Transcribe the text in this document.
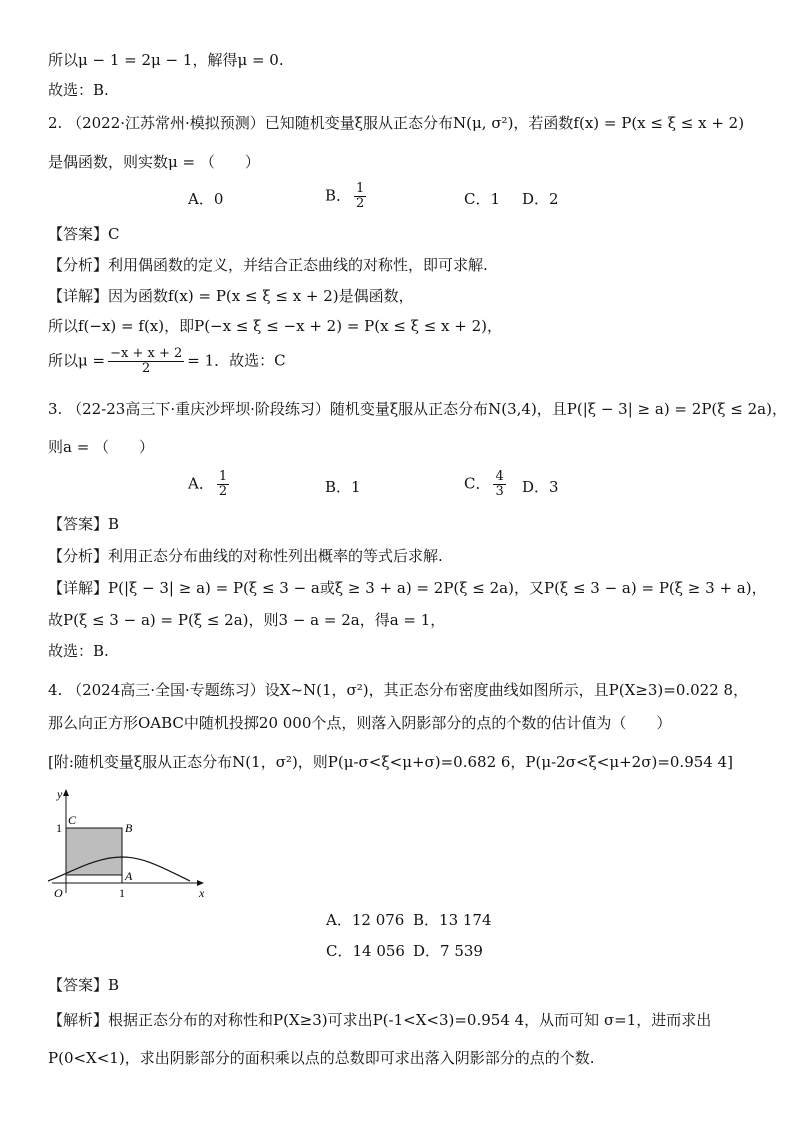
所以μ − 1 = 2μ − 1，解得μ = 0.
故选：B.
2. （2022·江苏常州·模拟预测）已知随机变量ξ服从正态分布N(μ, σ²)，若函数f(x) = P(x ≤ ξ ≤ x + 2)
是偶函数，则实数μ = （　　）
A．0	B． $\frac{1}{2}$	C．1 D．2
【答案】C
【分析】利用偶函数的定义，并结合正态曲线的对称性，即可求解.
【详解】因为函数f(x) = P(x ≤ ξ ≤ x + 2)是偶函数，
所以f(−x) = f(x)，即P(−x ≤ ξ ≤ −x + 2) = P(x ≤ ξ ≤ x + 2)，
所以$\mu = \frac{-x + x + 2}{2} = 1$．故选：C
3. （22-23高三下·重庆沙坪坝·阶段练习）随机变量ξ服从正态分布N(3,4)，且P(|ξ − 3| ≥ a) = 2P(ξ ≤ 2a)，
则a = （　　）
A． $\frac{1}{2}$	B．1	C． $\frac{4}{3}$ D．3
【答案】B
【分析】利用正态分布曲线的对称性列出概率的等式后求解.
【详解】P(|ξ − 3| ≥ a) = P(ξ ≤ 3 − a或ξ ≥ 3 + a) = 2P(ξ ≤ 2a)，又P(ξ ≤ 3 − a) = P(ξ ≥ 3 + a)，
故P(ξ ≤ 3 − a) = P(ξ ≤ 2a)，则3 − a = 2a，得a = 1，
故选：B.
4. （2024高三·全国·专题练习）设X~N(1，σ²)，其正态分布密度曲线如图所示，且P(X≥3)=0.022 8，
那么向正方形OABC中随机投掷20 000个点，则落入阴影部分的点的个数的估计值为（　　）
[附:随机变量ξ服从正态分布N(1，σ²)，则P(μ-σ<ξ<μ+σ)=0.682 6，P(μ-2σ<ξ<μ+2σ)=0.954 4]
y
x
1
C
B
A
O	1
A．12 076 B．13 174
C．14 056 D．7 539
【答案】B
【解析】根据正态分布的对称性和P(X≥3)可求出P(-1<X<3)=0.954 4，从而可知 σ=1，进而求出
P(0<X<1)，求出阴影部分的面积乘以点的总数即可求出落入阴影部分的点的个数.
